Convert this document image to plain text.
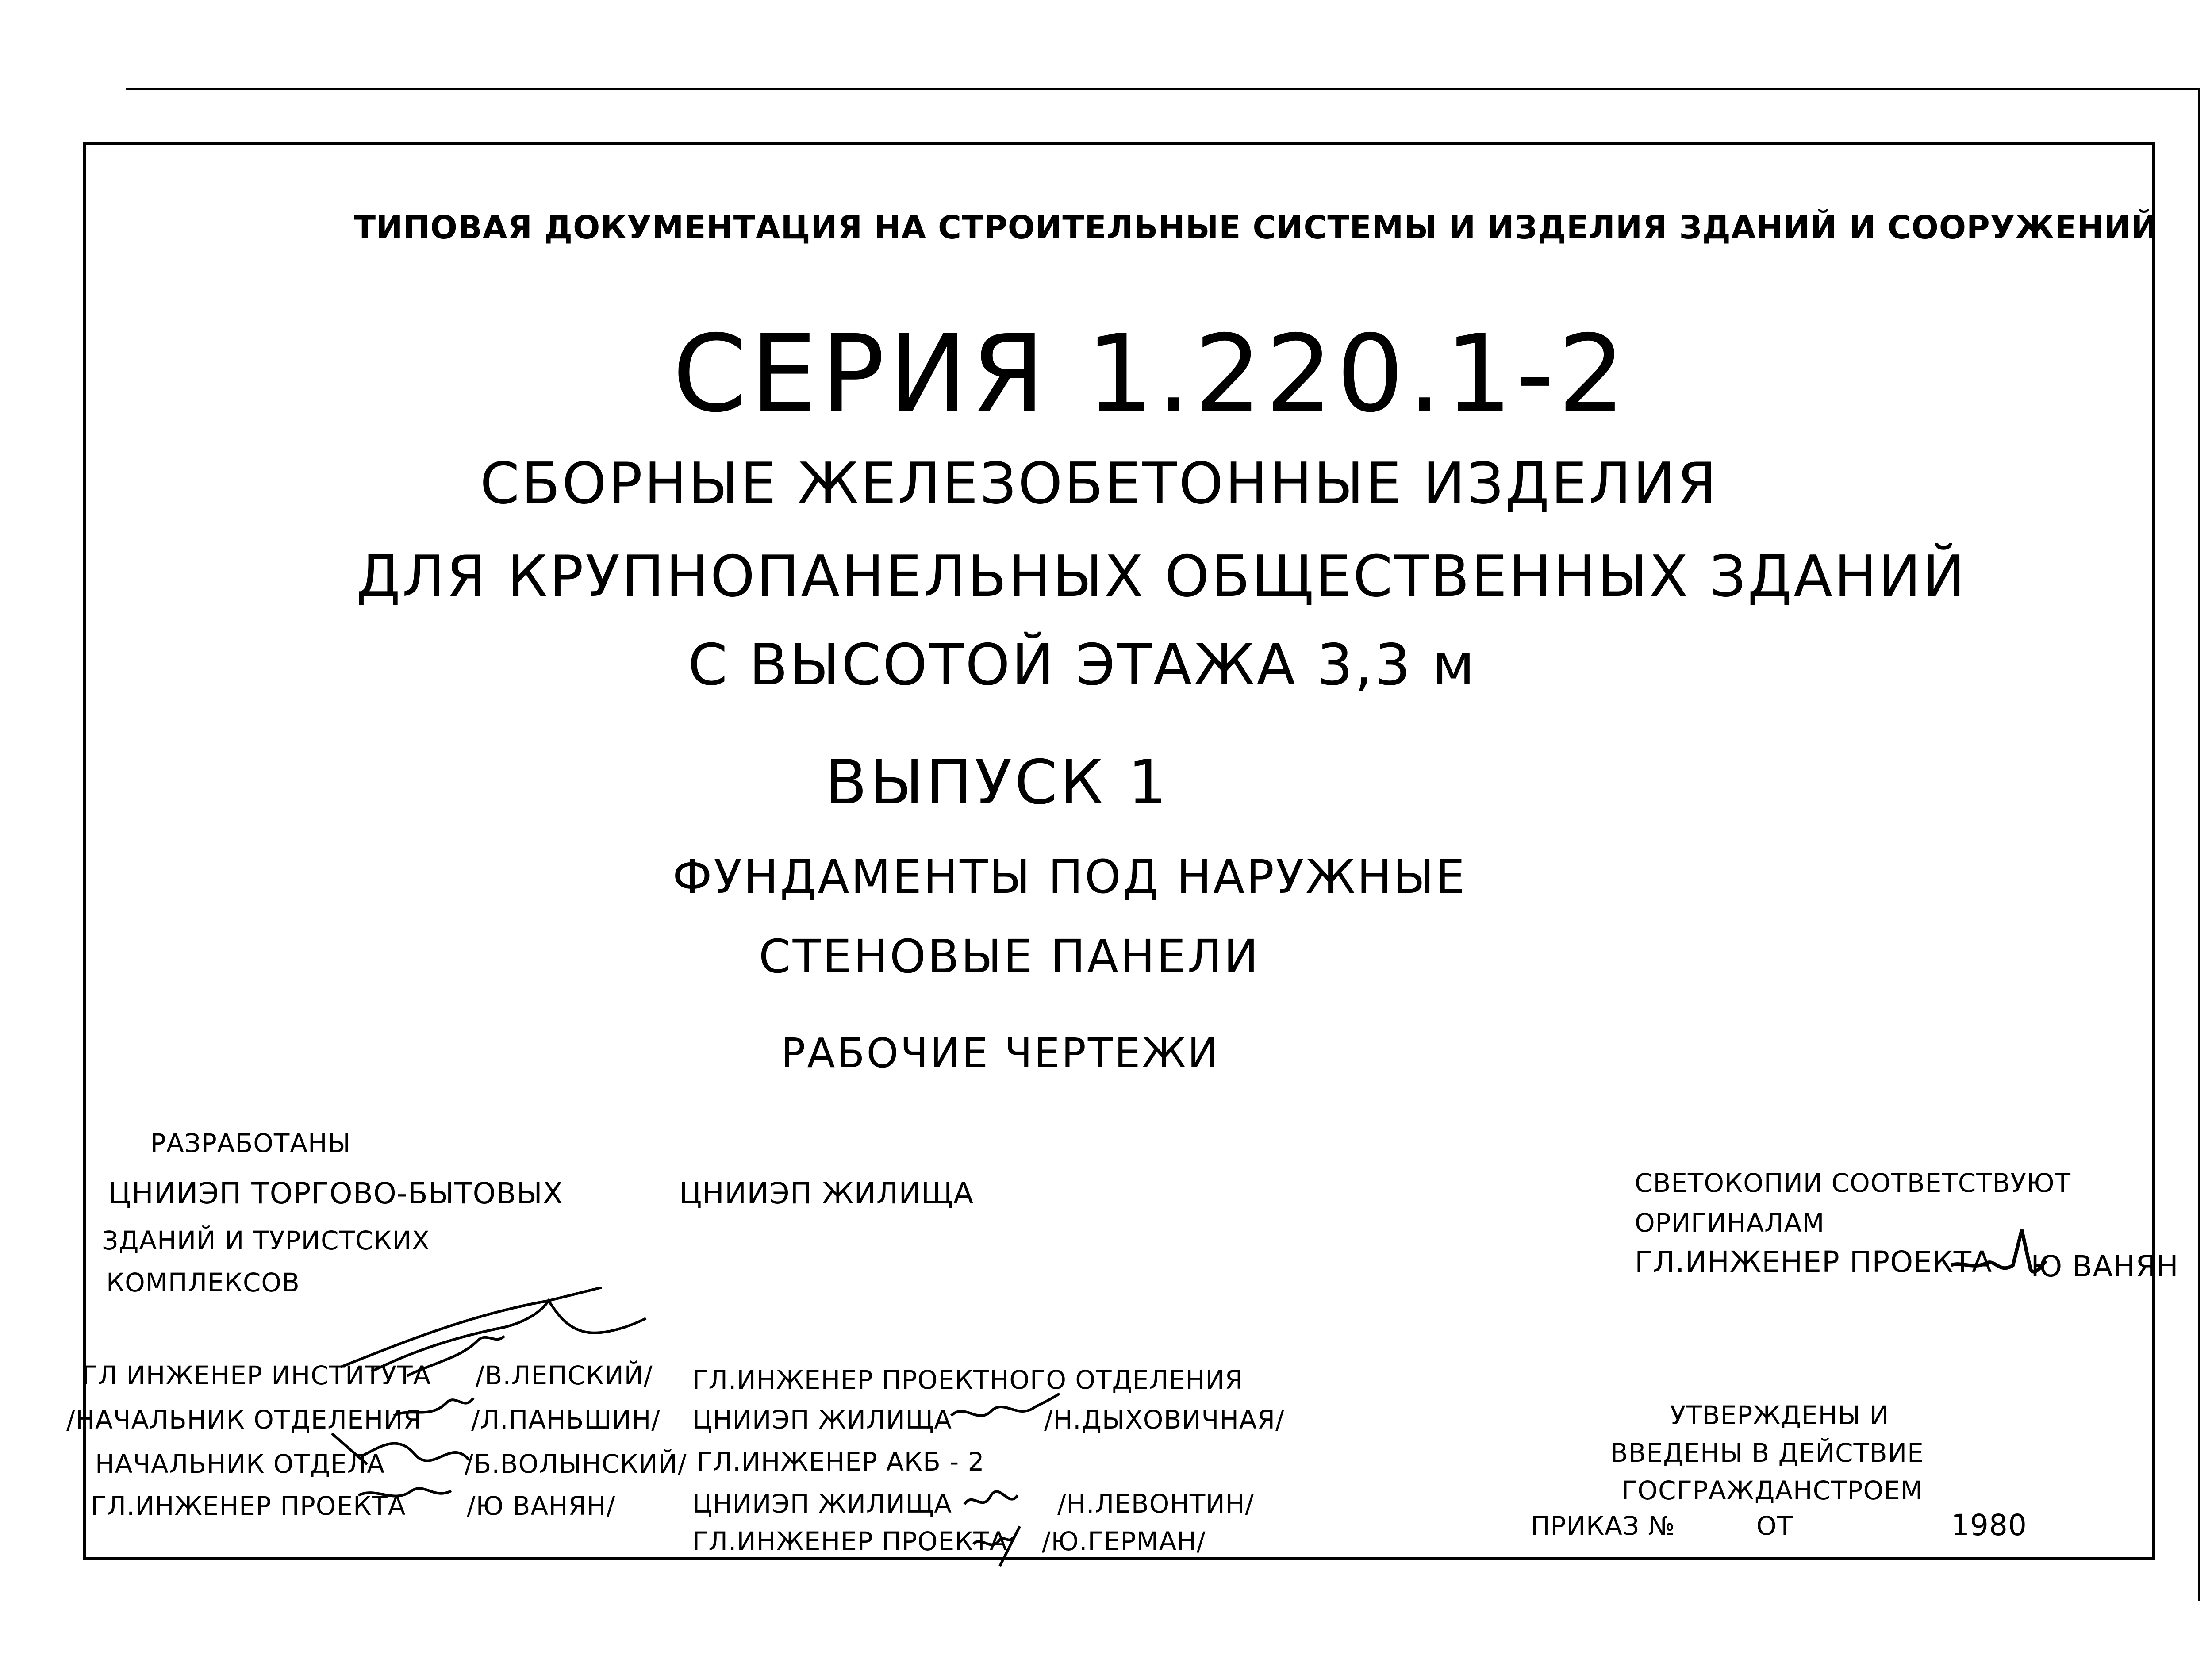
ТИПОВАЯ ДОКУМЕНТАЦИЯ НА СТРОИТЕЛЬНЫЕ СИСТЕМЫ И ИЗДЕЛИЯ ЗДАНИЙ И СООРУЖЕНИЙ
СЕРИЯ 1.220.1-2
СБОРНЫЕ ЖЕЛЕЗОБЕТОННЫЕ ИЗДЕЛИЯ
ДЛЯ КРУПНОПАНЕЛЬНЫХ ОБЩЕСТВЕННЫХ ЗДАНИЙ
С ВЫСОТОЙ ЭТАЖА 3,3 м
ВЫПУСК 1
ФУНДАМЕНТЫ ПОД НАРУЖНЫЕ
СТЕНОВЫЕ ПАНЕЛИ
РАБОЧИЕ ЧЕРТЕЖИ
РАЗРАБОТАНЫ
ЦНИИЭП ТОРГОВО-БЫТОВЫХ
ЗДАНИЙ И ТУРИСТСКИХ
КОМПЛЕКСОВ
ЦНИИЭП ЖИЛИЩА	СВЕТОКОПИИ СООТВЕТСТВУЮТ
ОРИГИНАЛАМ
ГЛ.ИНЖЕНЕР ПРОЕКТА Ю ВАНЯН
ГЛ ИНЖЕНЕР ИНСТИТУТА /В.ЛЕПСКИЙ/
/НАЧАЛЬНИК ОТДЕЛЕНИЯ /Л.ПАНЬШИН/
НАЧАЛЬНИК ОТДЕЛА	/Б.ВОЛЫНСКИЙ/
ГЛ.ИНЖЕНЕР ПРОЕКТА /Ю ВАНЯН/
ГЛ.ИНЖЕНЕР ПРОЕКТНОГО ОТДЕЛЕНИЯ
ЦНИИЭП ЖИЛИЩА	/Н.ДЫХОВИЧНАЯ/
ГЛ.ИНЖЕНЕР АКБ - 2
ЦНИИЭП ЖИЛИЩА	/Н.ЛЕВОНТИН/
ГЛ.ИНЖЕНЕР ПРОЕКТА /Ю.ГЕРМАН/
УТВЕРЖДЕНЫ И
ВВЕДЕНЫ В ДЕЙСТВИЕ
ГОСГРАЖДАНСТРОЕМ
ПРИКАЗ №	ОТ	1980
